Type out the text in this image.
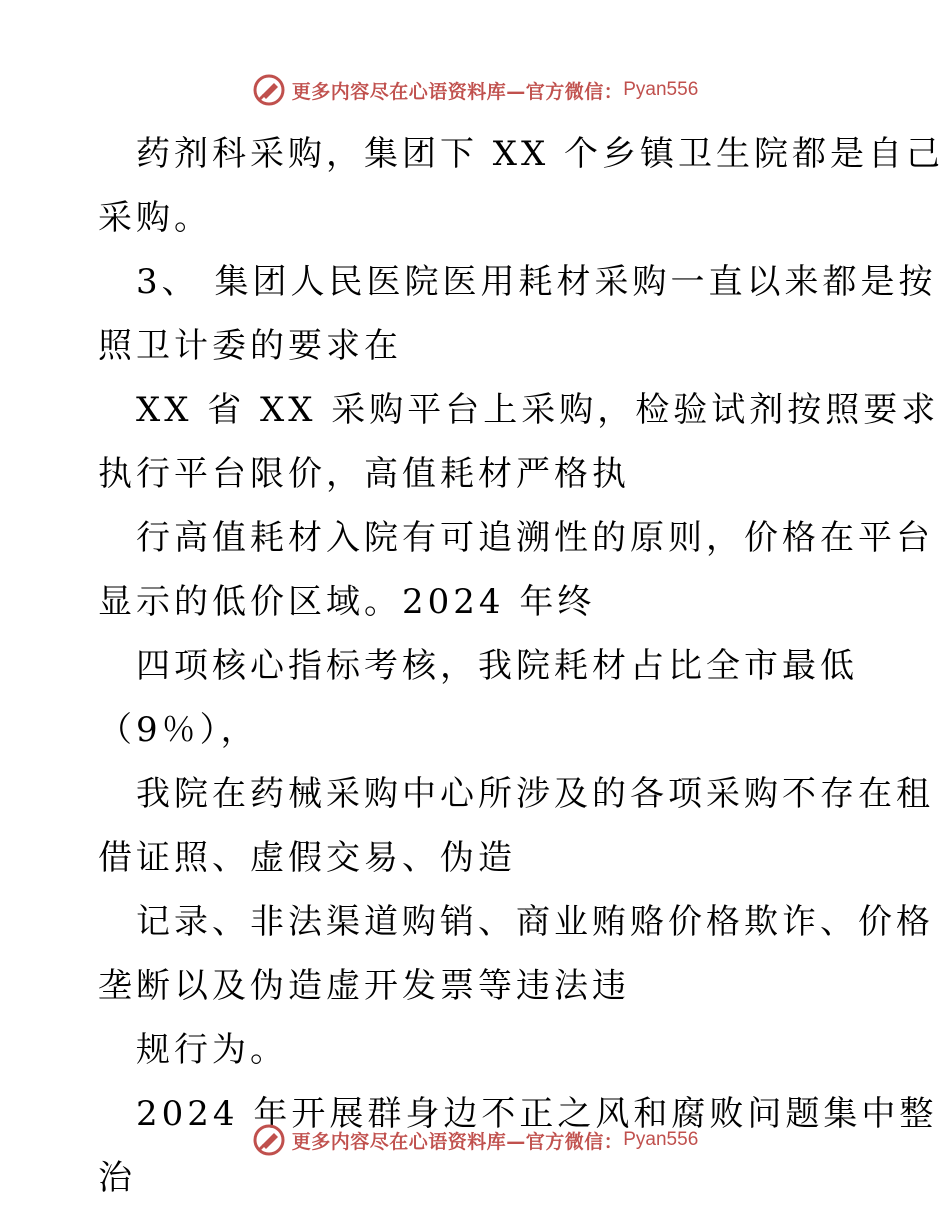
更多内容尽在心语资料库—官方微信： Pyan556
药剂科采购，集团下 XX 个乡镇卫生院都是自己
采购。
3、 集团人民医院医用耗材采购一直以来都是按
照卫计委的要求在
XX 省 XX 采购平台上采购，检验试剂按照要求
执行平台限价，高值耗材严格执
行高值耗材入院有可追溯性的原则，价格在平台
显示的低价区域。2024 年终
四项核心指标考核，我院耗材占比全市最低
（9％），
我院在药械采购中心所涉及的各项采购不存在租
借证照、虚假交易、伪造
记录、非法渠道购销、商业贿赂价格欺诈、价格
垄断以及伪造虚开发票等违法违
规行为。
2024 年开展群身边不正之风和腐败问题集中整
治
更多内容尽在心语资料库—官方微信： Pyan556
